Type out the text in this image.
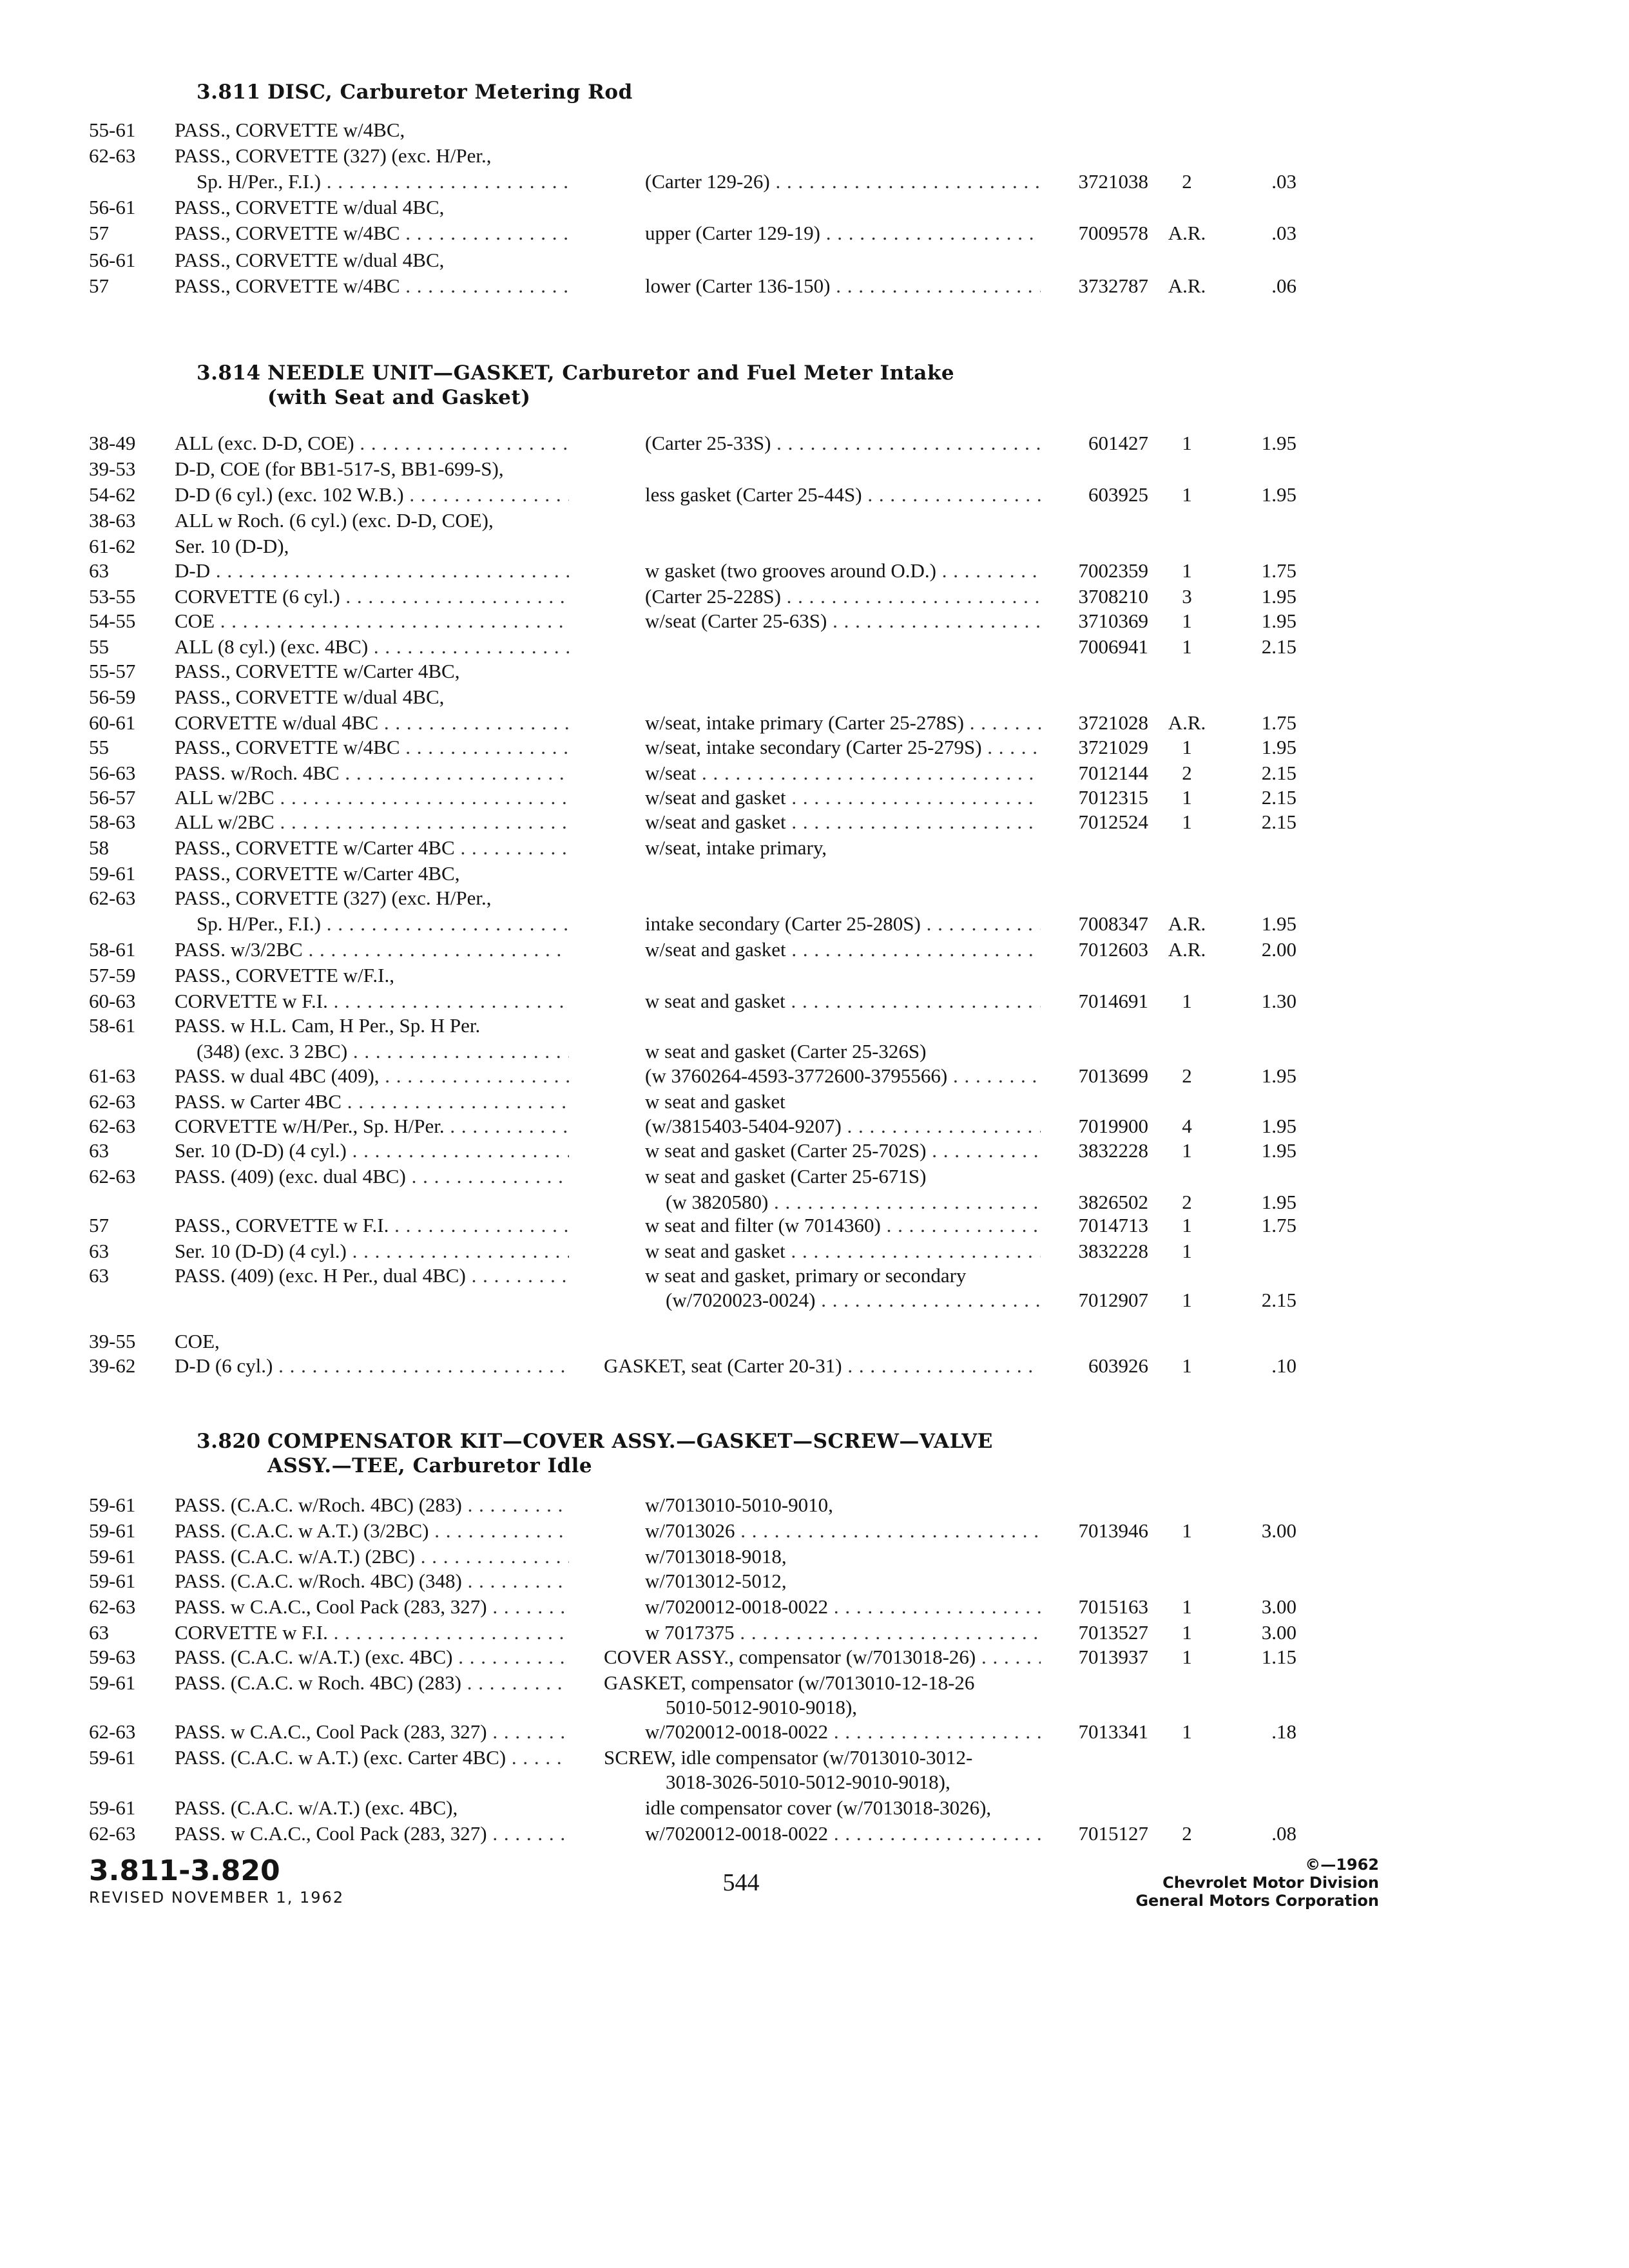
3.811 DISC, Carburetor Metering Rod
55-61	PASS., CORVETTE w/4BC,
62-63	PASS., CORVETTE (327) (exc. H/Per.,
Sp. H/Per., F.I.) . . .	(Carter 129-26) . . .	3721038	2	.03
56-61	PASS., CORVETTE w/dual 4BC,
57	PASS., CORVETTE w/4BC . . .	upper (Carter 129-19) . . .	7009578 A.R.	.03
56-61	PASS., CORVETTE w/dual 4BC,
57	PASS., CORVETTE w/4BC . . .	lower (Carter 136-150) . . .	3732787 A.R.	.06
3.814 NEEDLE UNIT—GASKET, Carburetor and Fuel Meter Intake
(with Seat and Gasket)
38-49	ALL (exc. D-D, COE) . . .	(Carter 25-33S) . . .	601427	1	1.95
39-53	D-D, COE (for BB1-517-S, BB1-699-S),
54-62	D-D (6 cyl.) (exc. 102 W.B.) . . .	less gasket (Carter 25-44S) . . .	603925	1	1.95
38-63	ALL w Roch. (6 cyl.) (exc. D-D, COE),
61-62	Ser. 10 (D-D),
63	D-D . . .	w gasket (two grooves around O.D.) . . .	7002359	1	1.75
53-55	CORVETTE (6 cyl.) . . .	(Carter 25-228S) . . .	3708210	3	1.95
54-55	COE . . .	w/seat (Carter 25-63S) . . .	3710369	1	1.95
55	ALL (8 cyl.) (exc. 4BC) . . .	7006941	1	2.15
55-57	PASS., CORVETTE w/Carter 4BC,
56-59	PASS., CORVETTE w/dual 4BC,
60-61	CORVETTE w/dual 4BC . . .	w/seat, intake primary (Carter 25-278S) . . .	3721028 A.R.	1.75
55	PASS., CORVETTE w/4BC . . .	w/seat, intake secondary (Carter 25-279S) . . .	3721029	1	1.95
56-63	PASS. w/Roch. 4BC . . .	w/seat . . .	7012144	2	2.15
56-57	ALL w/2BC . . .	w/seat and gasket . . .	7012315	1	2.15
58-63	ALL w/2BC . . .	w/seat and gasket . . .	7012524	1	2.15
58	PASS., CORVETTE w/Carter 4BC . . .	w/seat, intake primary,
59-61	PASS., CORVETTE w/Carter 4BC,
62-63	PASS., CORVETTE (327) (exc. H/Per.,
Sp. H/Per., F.I.) . . .	intake secondary (Carter 25-280S) . . .	7008347 A.R.	1.95
58-61	PASS. w/3/2BC . . .	w/seat and gasket . . .	7012603 A.R.	2.00
57-59	PASS., CORVETTE w/F.I.,
60-63	CORVETTE w F.I. . . .	w seat and gasket . . .	7014691	1	1.30
58-61	PASS. w H.L. Cam, H Per., Sp. H Per.
(348) (exc. 3 2BC) . . .	w seat and gasket (Carter 25-326S)
61-63	PASS. w dual 4BC (409), . . .	(w 3760264-4593-3772600-3795566) . . .	7013699	2	1.95
62-63	PASS. w Carter 4BC . . .	w seat and gasket
62-63	CORVETTE w/H/Per., Sp. H/Per. . . .	(w/3815403-5404-9207) . . .	7019900	4	1.95
63	Ser. 10 (D-D) (4 cyl.) . . .	w seat and gasket (Carter 25-702S) . . .	3832228	1	1.95
62-63	PASS. (409) (exc. dual 4BC) . . .	w seat and gasket (Carter 25-671S)
(w 3820580) . . .	3826502	2	1.95
57	PASS., CORVETTE w F.I. . . .	w seat and filter (w 7014360) . . .	7014713	1	1.75
63	Ser. 10 (D-D) (4 cyl.) . . .	w seat and gasket . . .	3832228	1
63	PASS. (409) (exc. H Per., dual 4BC) . . .	w seat and gasket, primary or secondary
(w/7020023-0024) . . .	7012907	1	2.15
39-55	COE,
39-62	D-D (6 cyl.) . . .	GASKET, seat (Carter 20-31) . . .	603926	1	.10
3.820 COMPENSATOR KIT—COVER ASSY.—GASKET—SCREW—VALVE
ASSY.—TEE, Carburetor Idle
59-61	PASS. (C.A.C. w/Roch. 4BC) (283) . . .	w/7013010-5010-9010,
59-61	PASS. (C.A.C. w A.T.) (3/2BC) . . .	w/7013026 . . .	7013946	1	3.00
59-61	PASS. (C.A.C. w/A.T.) (2BC) . . .	w/7013018-9018,
59-61	PASS. (C.A.C. w/Roch. 4BC) (348) . . .	w/7013012-5012,
62-63	PASS. w C.A.C., Cool Pack (283, 327) . . .	w/7020012-0018-0022 . . .	7015163	1	3.00
63	CORVETTE w F.I. . . .	w 7017375 . . .	7013527	1	3.00
59-63	PASS. (C.A.C. w/A.T.) (exc. 4BC) . . .	COVER ASSY., compensator (w/7013018-26) . . .	7013937	1	1.15
59-61	PASS. (C.A.C. w Roch. 4BC) (283) . . .	GASKET, compensator (w/7013010-12-18-26
5010-5012-9010-9018),
62-63	PASS. w C.A.C., Cool Pack (283, 327) . . .	w/7020012-0018-0022 . . .	7013341	1	.18
59-61	PASS. (C.A.C. w A.T.) (exc. Carter 4BC) . . .	SCREW, idle compensator (w/7013010-3012-
3018-3026-5010-5012-9010-9018),
59-61	PASS. (C.A.C. w/A.T.) (exc. 4BC),	idle compensator cover (w/7013018-3026),
62-63	PASS. w C.A.C., Cool Pack (283, 327) . . .	w/7020012-0018-0022 . . .	7015127	2	.08
3.811-3.820
REVISED NOVEMBER 1, 1962
544
©—1962
Chevrolet Motor Division
General Motors Corporation
